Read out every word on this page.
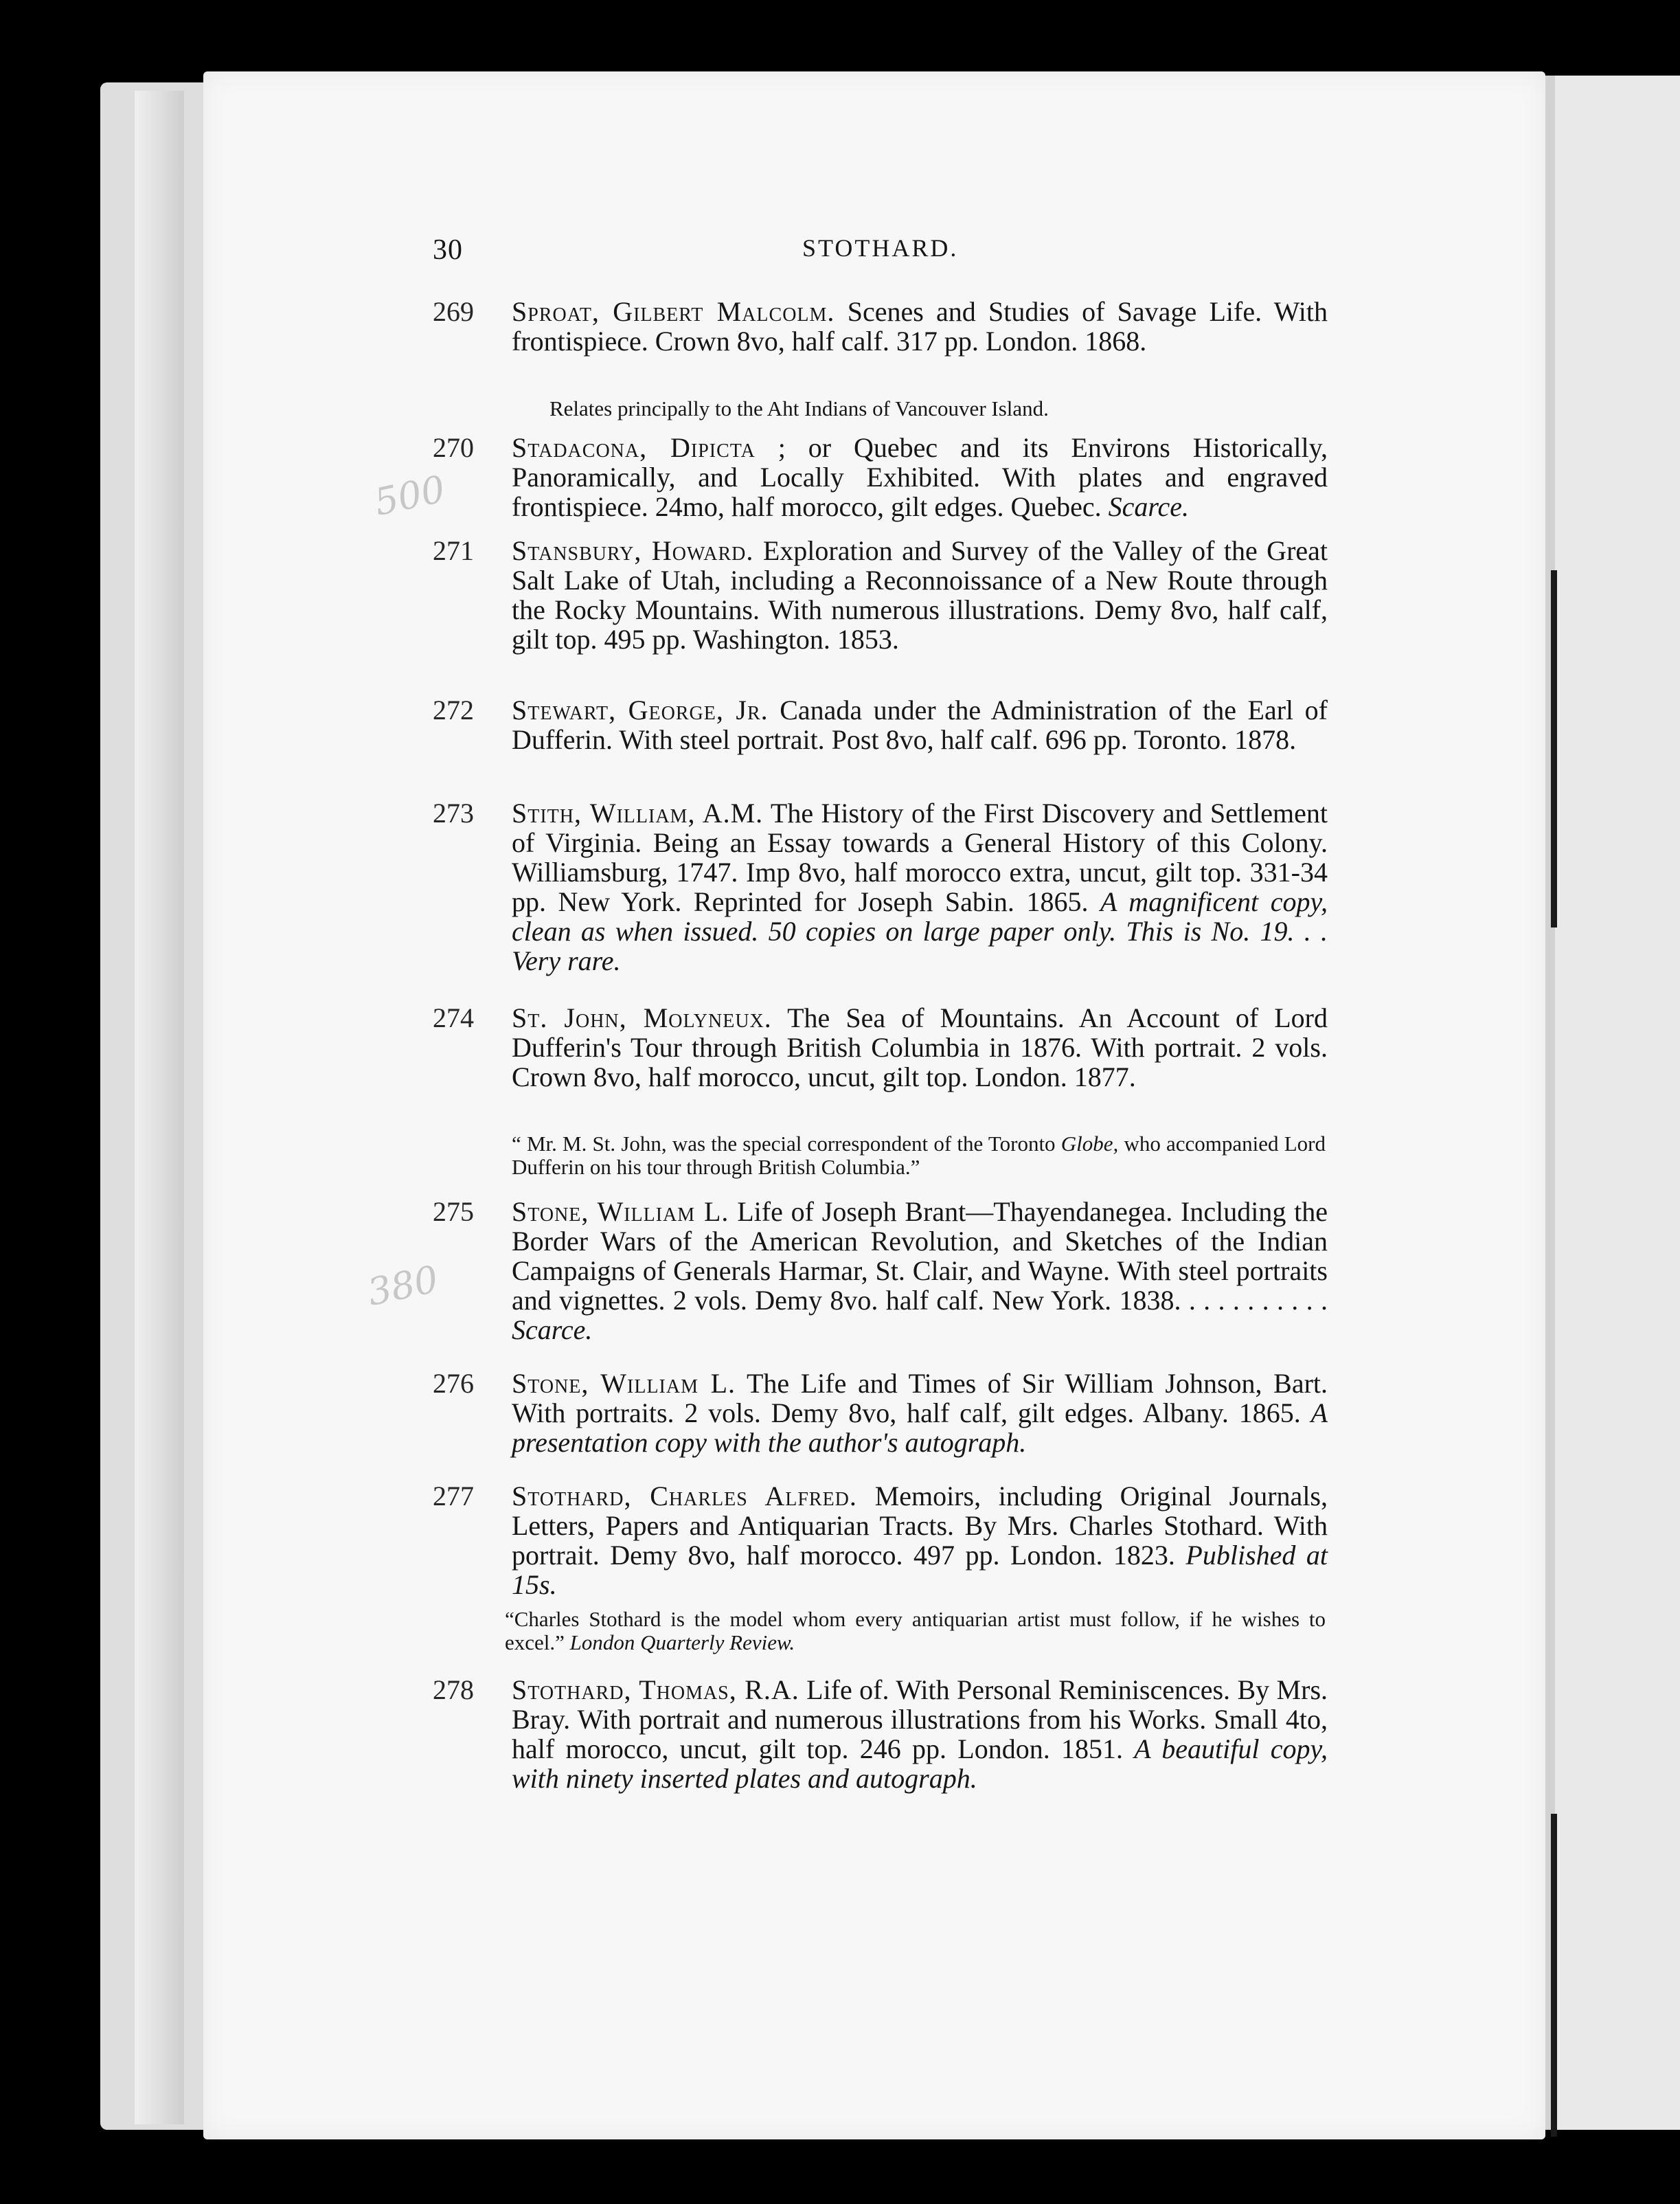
30	STOTHARD.
269	Sproat, Gilbert Malcolm. Scenes and Studies of Savage Life. With frontispiece. Crown 8vo, half calf. 317 pp. London. 1868.
Relates principally to the Aht Indians of Vancouver Island.
270	Stadacona, Dipicta ; or Quebec and its Environs Historically, Panoramically, and Locally Exhibited. With plates and engraved frontispiece. 24mo, half morocco, gilt edges. Quebec. Scarce.
271	Stansbury, Howard. Exploration and Survey of the Valley of the Great Salt Lake of Utah, including a Reconnoissance of a New Route through the Rocky Mountains. With numerous illustrations. Demy 8vo, half calf, gilt top. 495 pp. Washington. 1853.
272	Stewart, George, Jr. Canada under the Administration of the Earl of Dufferin. With steel portrait. Post 8vo, half calf. 696 pp. Toronto. 1878.
273	Stith, William, A.M. The History of the First Discovery and Settlement of Virginia. Being an Essay towards a General History of this Colony. Williamsburg, 1747. Imp 8vo, half morocco extra, uncut, gilt top. 331-34 pp. New York. Reprinted for Joseph Sabin. 1865. A magnificent copy, clean as when issued. 50 copies on large paper only. This is No. 19. . . Very rare.
274	St. John, Molyneux. The Sea of Mountains. An Account of Lord Dufferin's Tour through British Columbia in 1876. With portrait. 2 vols. Crown 8vo, half morocco, uncut, gilt top. London. 1877.
“ Mr. M. St. John, was the special correspondent of the Toronto Globe, who accompanied Lord Dufferin on his tour through British Columbia.”
275	Stone, William L. Life of Joseph Brant—Thayendanegea. Including the Border Wars of the American Revolution, and Sketches of the Indian Campaigns of Generals Harmar, St. Clair, and Wayne. With steel portraits and vignettes. 2 vols. Demy 8vo. half calf. New York. 1838. . . . . . . . . . . Scarce.
276	Stone, William L. The Life and Times of Sir William Johnson, Bart. With portraits. 2 vols. Demy 8vo, half calf, gilt edges. Albany. 1865. A presentation copy with the author's autograph.
277	Stothard, Charles Alfred. Memoirs, including Original Journals, Letters, Papers and Antiquarian Tracts. By Mrs. Charles Stothard. With portrait. Demy 8vo, half morocco. 497 pp. London. 1823. Published at 15s.
“Charles Stothard is the model whom every antiquarian artist must follow, if he wishes to excel.” London Quarterly Review.
278	Stothard, Thomas, R.A. Life of. With Personal Reminiscences. By Mrs. Bray. With portrait and numerous illustrations from his Works. Small 4to, half morocco, uncut, gilt top. 246 pp. London. 1851. A beautiful copy, with ninety inserted plates and autograph.
500
380
